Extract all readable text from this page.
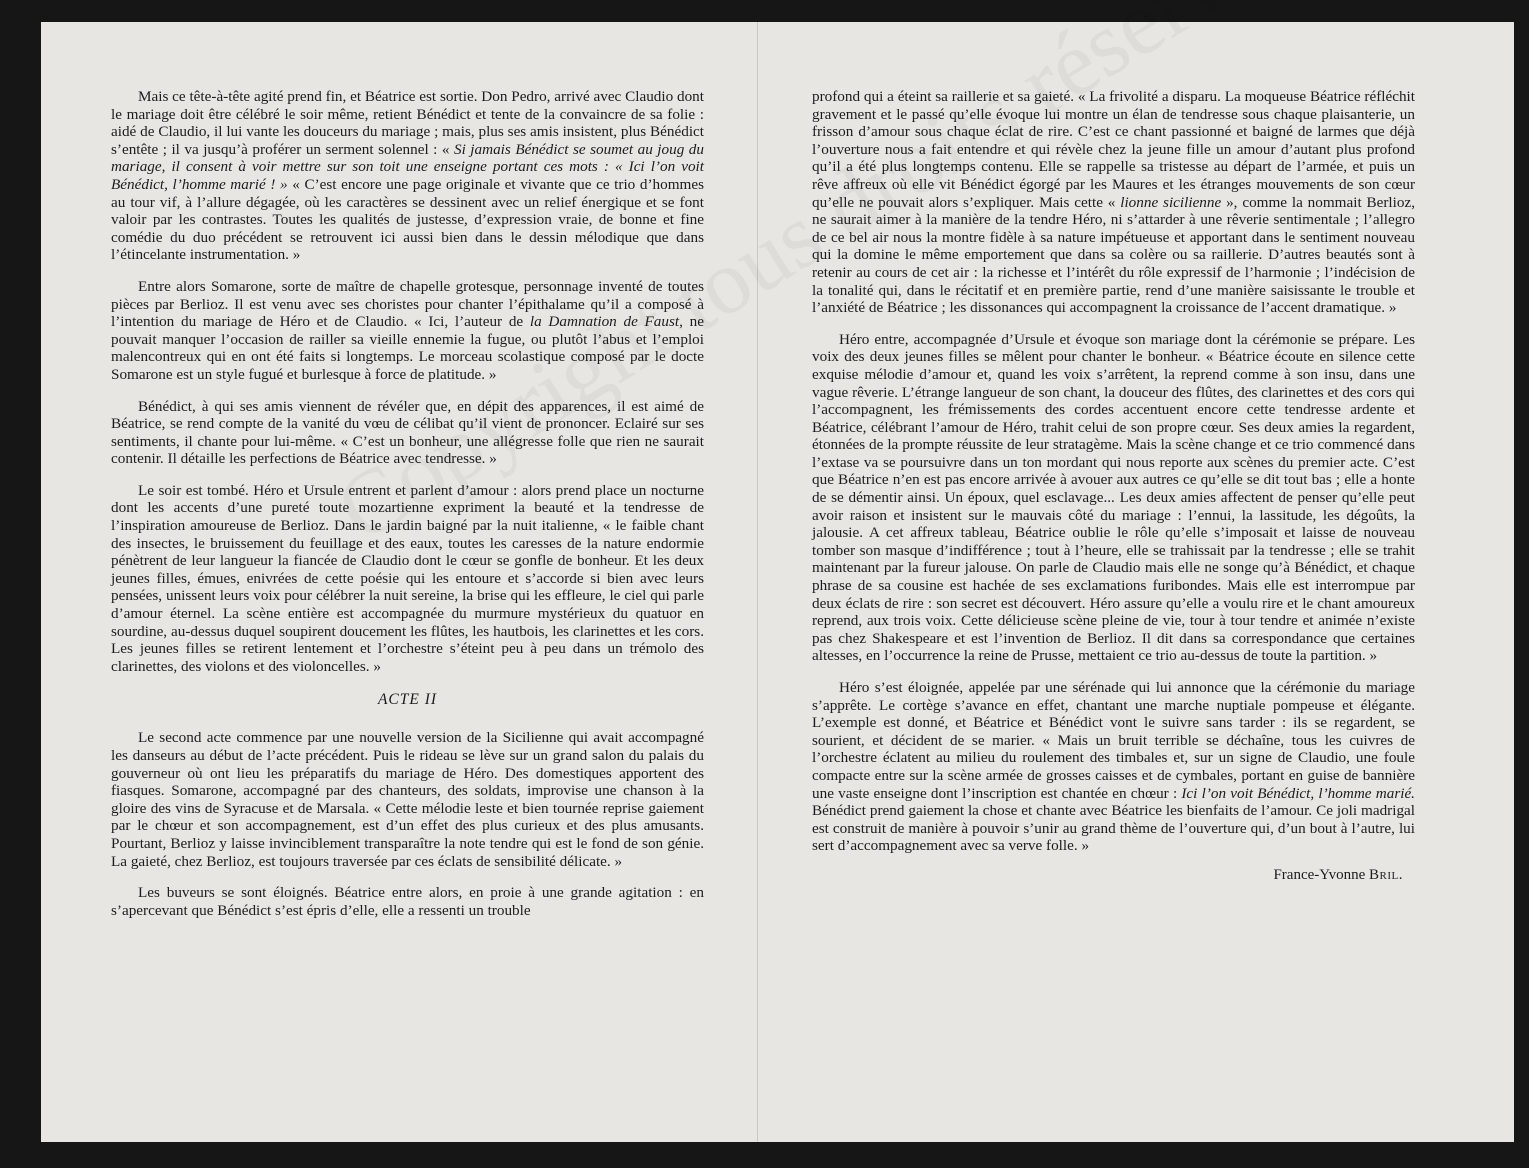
Mais ce tête-à-tête agité prend fin, et Béatrice est sortie. Don Pedro, arrivé avec Claudio dont le mariage doit être célébré le soir même, retient Bénédict et tente de la convaincre de sa folie : aidé de Claudio, il lui vante les douceurs du mariage ; mais, plus ses amis insistent, plus Bénédict s’entête ; il va jusqu’à proférer un serment solennel : « Si jamais Bénédict se soumet au joug du mariage, il consent à voir mettre sur son toit une enseigne portant ces mots : « Ici l’on voit Bénédict, l’homme marié ! » « C’est encore une page originale et vivante que ce trio d’hommes au tour vif, à l’allure dégagée, où les caractères se dessinent avec un relief énergique et se font valoir par les contrastes. Toutes les qualités de justesse, d’expression vraie, de bonne et fine comédie du duo précédent se retrouvent ici aussi bien dans le dessin mélodique que dans l’étincelante instrumentation. »

Entre alors Somarone, sorte de maître de chapelle grotesque, personnage inventé de toutes pièces par Berlioz. Il est venu avec ses choristes pour chanter l’épithalame qu’il a composé à l’intention du mariage de Héro et de Claudio. « Ici, l’auteur de la Damnation de Faust, ne pouvait manquer l’occasion de railler sa vieille ennemie la fugue, ou plutôt l’abus et l’emploi malencontreux qui en ont été faits si longtemps. Le morceau scolastique composé par le docte Somarone est un style fugué et burlesque à force de platitude. »

Bénédict, à qui ses amis viennent de révéler que, en dépit des apparences, il est aimé de Béatrice, se rend compte de la vanité du vœu de célibat qu’il vient de prononcer. Eclairé sur ses sentiments, il chante pour lui-même. « C’est un bonheur, une allégresse folle que rien ne saurait contenir. Il détaille les perfections de Béatrice avec tendresse. »

Le soir est tombé. Héro et Ursule entrent et parlent d’amour : alors prend place un nocturne dont les accents d’une pureté toute mozartienne expriment la beauté et la tendresse de l’inspiration amoureuse de Berlioz. Dans le jardin baigné par la nuit italienne, « le faible chant des insectes, le bruissement du feuillage et des eaux, toutes les caresses de la nature endormie pénètrent de leur langueur la fiancée de Claudio dont le cœur se gonfle de bonheur. Et les deux jeunes filles, émues, enivrées de cette poésie qui les entoure et s’accorde si bien avec leurs pensées, unissent leurs voix pour célébrer la nuit sereine, la brise qui les effleure, le ciel qui parle d’amour éternel. La scène entière est accompagnée du murmure mystérieux du quatuor en sourdine, au-dessus duquel soupirent doucement les flûtes, les hautbois, les clarinettes et les cors. Les jeunes filles se retirent lentement et l’orchestre s’éteint peu à peu dans un trémolo des clarinettes, des violons et des violoncelles. »

ACTE II

Le second acte commence par une nouvelle version de la Sicilienne qui avait accompagné les danseurs au début de l’acte précédent. Puis le rideau se lève sur un grand salon du palais du gouverneur où ont lieu les préparatifs du mariage de Héro. Des domestiques apportent des fiasques. Somarone, accompagné par des chanteurs, des soldats, improvise une chanson à la gloire des vins de Syracuse et de Marsala. « Cette mélodie leste et bien tournée reprise gaiement par le chœur et son accompagnement, est d’un effet des plus curieux et des plus amusants. Pourtant, Berlioz y laisse invinciblement transparaître la note tendre qui est le fond de son génie. La gaieté, chez Berlioz, est toujours traversée par ces éclats de sensibilité délicate. »

Les buveurs se sont éloignés. Béatrice entre alors, en proie à une grande agitation : en s’apercevant que Bénédict s’est épris d’elle, elle a ressenti un trouble

profond qui a éteint sa raillerie et sa gaieté. « La frivolité a disparu. La moqueuse Béatrice réfléchit gravement et le passé qu’elle évoque lui montre un élan de tendresse sous chaque plaisanterie, un frisson d’amour sous chaque éclat de rire. C’est ce chant passionné et baigné de larmes que déjà l’ouverture nous a fait entendre et qui révèle chez la jeune fille un amour d’autant plus profond qu’il a été plus longtemps contenu. Elle se rappelle sa tristesse au départ de l’armée, et puis un rêve affreux où elle vit Bénédict égorgé par les Maures et les étranges mouvements de son cœur qu’elle ne pouvait alors s’expliquer. Mais cette « lionne sicilienne », comme la nommait Berlioz, ne saurait aimer à la manière de la tendre Héro, ni s’attarder à une rêverie sentimentale ; l’allegro de ce bel air nous la montre fidèle à sa nature impétueuse et apportant dans le sentiment nouveau qui la domine le même emportement que dans sa colère ou sa raillerie. D’autres beautés sont à retenir au cours de cet air : la richesse et l’intérêt du rôle expressif de l’harmonie ; l’indécision de la tonalité qui, dans le récitatif et en première partie, rend d’une manière saisissante le trouble et l’anxiété de Béatrice ; les dissonances qui accompagnent la croissance de l’accent dramatique. »

Héro entre, accompagnée d’Ursule et évoque son mariage dont la cérémonie se prépare. Les voix des deux jeunes filles se mêlent pour chanter le bonheur. « Béatrice écoute en silence cette exquise mélodie d’amour et, quand les voix s’arrêtent, la reprend comme à son insu, dans une vague rêverie. L’étrange langueur de son chant, la douceur des flûtes, des clarinettes et des cors qui l’accompagnent, les frémissements des cordes accentuent encore cette tendresse ardente et Béatrice, célébrant l’amour de Héro, trahit celui de son propre cœur. Ses deux amies la regardent, étonnées de la prompte réussite de leur stratagème. Mais la scène change et ce trio commencé dans l’extase va se poursuivre dans un ton mordant qui nous reporte aux scènes du premier acte. C’est que Béatrice n’en est pas encore arrivée à avouer aux autres ce qu’elle se dit tout bas ; elle a honte de se démentir ainsi. Un époux, quel esclavage... Les deux amies affectent de penser qu’elle peut avoir raison et insistent sur le mauvais côté du mariage : l’ennui, la lassitude, les dégoûts, la jalousie. A cet affreux tableau, Béatrice oublie le rôle qu’elle s’imposait et laisse de nouveau tomber son masque d’indifférence ; tout à l’heure, elle se trahissait par la tendresse ; elle se trahit maintenant par la fureur jalouse. On parle de Claudio mais elle ne songe qu’à Bénédict, et chaque phrase de sa cousine est hachée de ses exclamations furibondes. Mais elle est interrompue par deux éclats de rire : son secret est découvert. Héro assure qu’elle a voulu rire et le chant amoureux reprend, aux trois voix. Cette délicieuse scène pleine de vie, tour à tour tendre et animée n’existe pas chez Shakespeare et est l’invention de Berlioz. Il dit dans sa correspondance que certaines altesses, en l’occurrence la reine de Prusse, mettaient ce trio au-dessus de toute la partition. »

Héro s’est éloignée, appelée par une sérénade qui lui annonce que la cérémonie du mariage s’apprête. Le cortège s’avance en effet, chantant une marche nuptiale pompeuse et élégante. L’exemple est donné, et Béatrice et Bénédict vont le suivre sans tarder : ils se regardent, se sourient, et décident de se marier. « Mais un bruit terrible se déchaîne, tous les cuivres de l’orchestre éclatent au milieu du roulement des timbales et, sur un signe de Claudio, une foule compacte entre sur la scène armée de grosses caisses et de cymbales, portant en guise de bannière une vaste enseigne dont l’inscription est chantée en chœur : Ici l’on voit Bénédict, l’homme marié. Bénédict prend gaiement la chose et chante avec Béatrice les bienfaits de l’amour. Ce joli madrigal est construit de manière à pouvoir s’unir au grand thème de l’ouverture qui, d’un bout à l’autre, lui sert d’accompagnement avec sa verve folle. »

France-Yvonne Bril.
